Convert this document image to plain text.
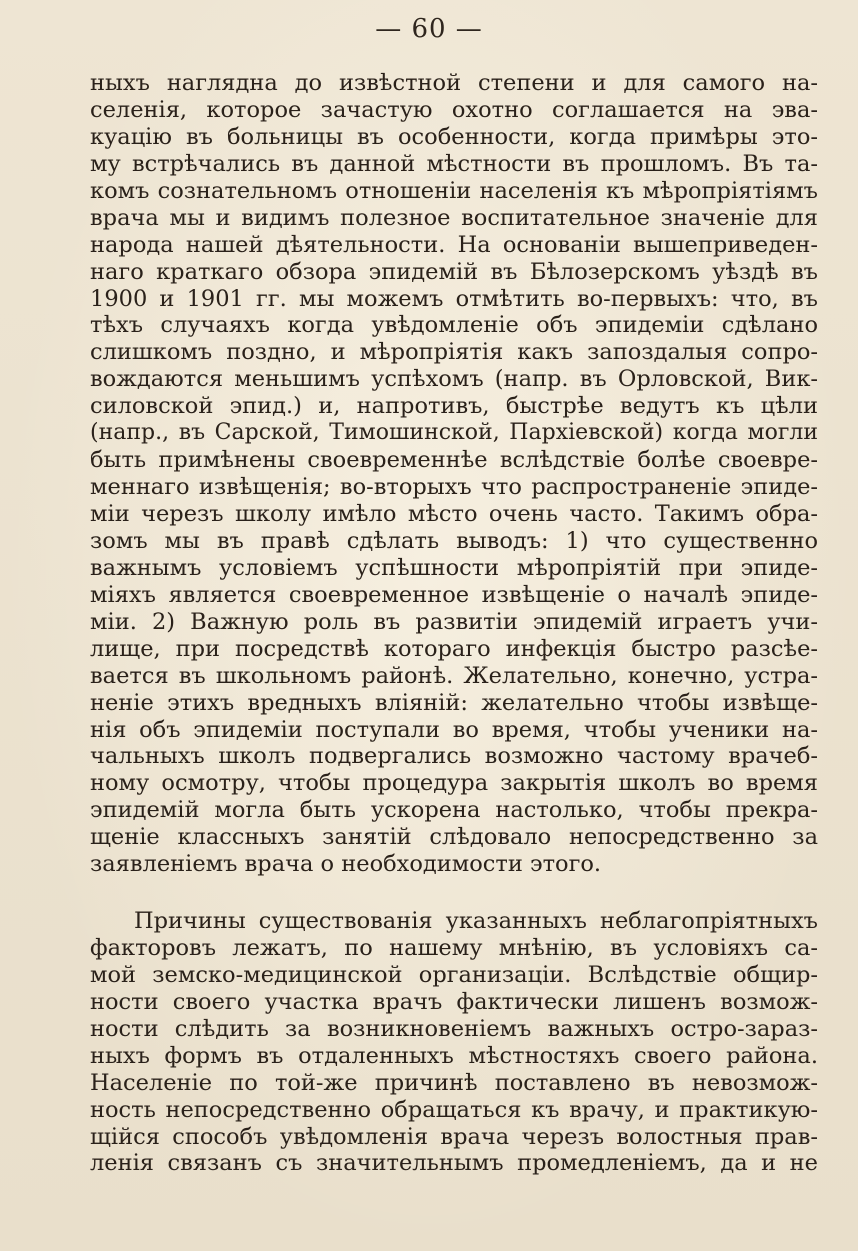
— 60 —
ныхъ наглядна до извѣстной степени и для самого на-
селенія, которое зачастую охотно соглашается на эва-
куацію въ больницы въ особенности, когда примѣры это-
му встрѣчались въ данной мѣстности въ прошломъ. Въ та-
комъ сознательномъ отношеніи населенія къ мѣропріятіямъ
врача мы и видимъ полезное воспитательное значеніе для
народа нашей дѣятельности. На основаніи вышеприведен-
наго краткаго обзора эпидемій въ Бѣлозерскомъ уѣздѣ въ
1900 и 1901 гг. мы можемъ отмѣтить во-первыхъ: что, въ
тѣхъ случаяхъ когда увѣдомленіе объ эпидеміи сдѣлано
слишкомъ поздно, и мѣропріятія какъ запоздалыя сопро-
вождаются меньшимъ успѣхомъ (напр. въ Орловской, Вик-
силовской эпид.) и, напротивъ, быстрѣе ведутъ къ цѣли
(напр., въ Сарской, Тимошинской, Пархіевской) когда могли
быть примѣнены своевременнѣе вслѣдствіе болѣе своевре-
меннаго извѣщенія; во-вторыхъ что распространеніе эпиде-
міи черезъ школу имѣло мѣсто очень часто. Такимъ обра-
зомъ мы въ правѣ сдѣлать выводъ: 1) что существенно
важнымъ условіемъ успѣшности мѣропріятій при эпиде-
міяхъ является своевременное извѣщеніе о началѣ эпиде-
міи. 2) Важную роль въ развитіи эпидемій играетъ учи-
лище, при посредствѣ котораго инфекція быстро разсѣе-
вается въ школьномъ районѣ. Желательно, конечно, устра-
неніе этихъ вредныхъ вліяній: желательно чтобы извѣще-
нія объ эпидеміи поступали во время, чтобы ученики на-
чальныхъ школъ подвергались возможно частому врачеб-
ному осмотру, чтобы процедура закрытія школъ во время
эпидемій могла быть ускорена настолько, чтобы прекра-
щеніе классныхъ занятій слѣдовало непосредственно за
заявленіемъ врача о необходимости этого.
Причины существованія указанныхъ неблагопріятныхъ
факторовъ лежатъ, по нашему мнѣнію, въ условіяхъ са-
мой земско-медицинской организаціи. Вслѣдствіе общир-
ности своего участка врачъ фактически лишенъ возмож-
ности слѣдить за возникновеніемъ важныхъ остро-зараз-
ныхъ формъ въ отдаленныхъ мѣстностяхъ своего района.
Населеніе по той-же причинѣ поставлено въ невозмож-
ность непосредственно обращаться къ врачу, и практикую-
щійся способъ увѣдомленія врача черезъ волостныя прав-
ленія связанъ съ значительнымъ промедленіемъ, да и не
